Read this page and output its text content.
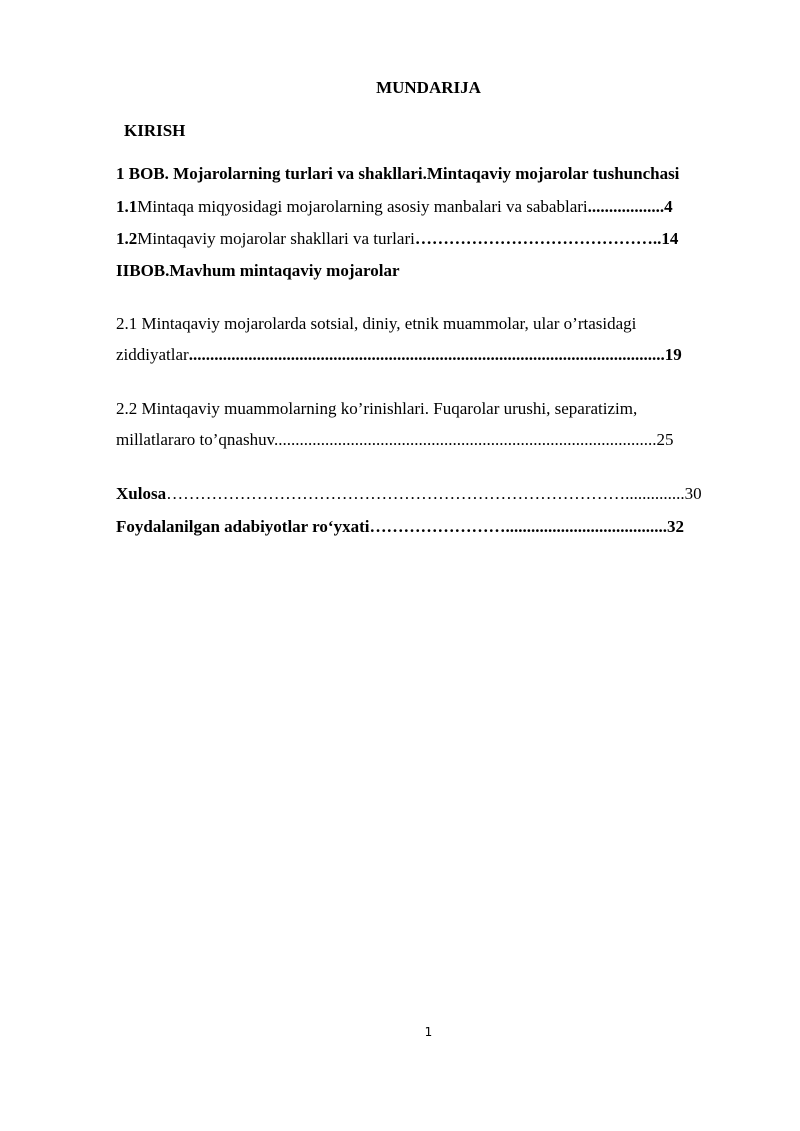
MUNDARIJA
KIRISH
1 BOB. Mojarolarning turlari va shakllari.Mintaqaviy mojarolar tushunchasi
1.1Mintaqa miqyosidagi mojarolarning asosiy manbalari va sabablari..................4
1.2Mintaqaviy mojarolar shakllari va turlari……………………………………..14
IIBOB.Mavhum mintaqaviy mojarolar
2.1 Mintaqaviy mojarolarda sotsial, diniy, etnik muammolar, ular o’rtasidagi
ziddiyatlar................................................................................................................19
2.2 Mintaqaviy muammolarning ko’rinishlari. Fuqarolar urushi, separatizim,
millatlararo to’qnashuv..........................................................................................25
Xulosa………………………………………………………………………..............30
Foydalanilgan adabiyotlar ro‘yxati……………………......................................32
1
